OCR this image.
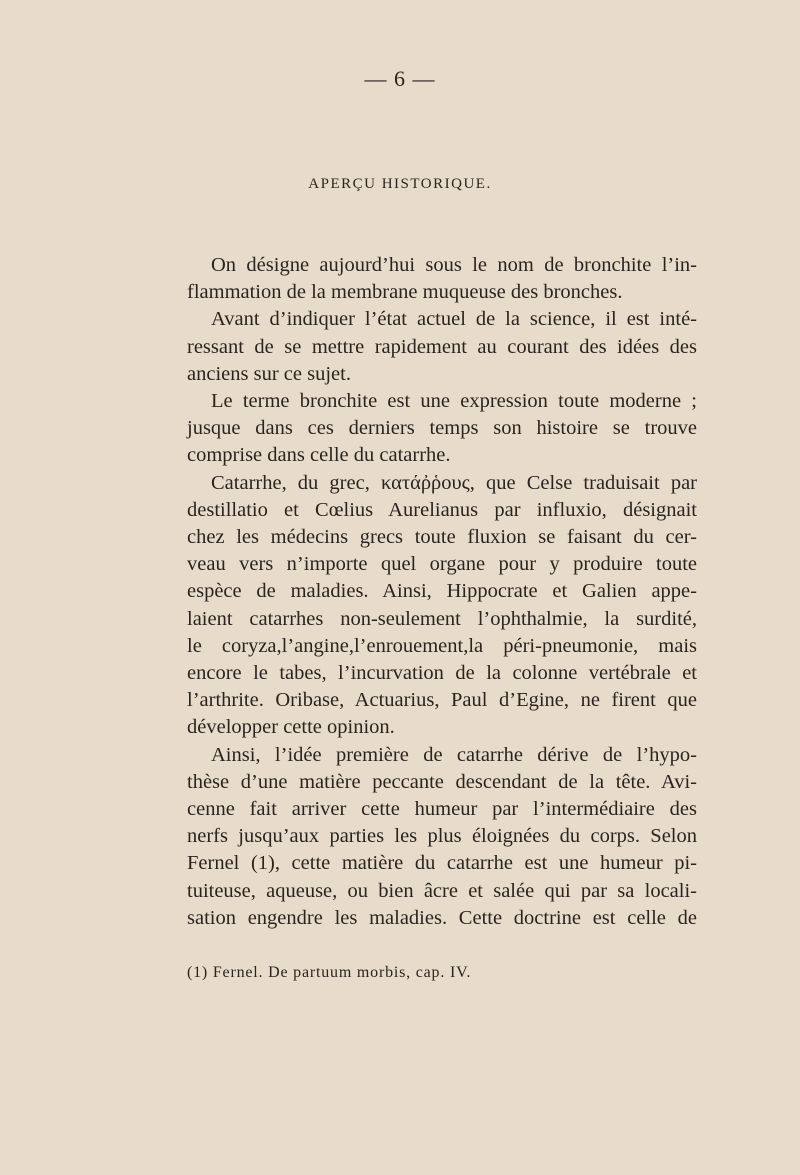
— 6 —
APERÇU HISTORIQUE.
On désigne aujourd’hui sous le nom de bronchite l’in-
flammation de la membrane muqueuse des bronches.
Avant d’indiquer l’état actuel de la science, il est inté-
ressant de se mettre rapidement au courant des idées des
anciens sur ce sujet.
Le terme bronchite est une expression toute moderne ;
jusque dans ces derniers temps son histoire se trouve
comprise dans celle du catarrhe.
Catarrhe, du grec, κατάῤῥους, que Celse traduisait par
destillatio et Cœlius Aurelianus par influxio, désignait
chez les médecins grecs toute fluxion se faisant du cer-
veau vers n’importe quel organe pour y produire toute
espèce de maladies. Ainsi, Hippocrate et Galien appe-
laient catarrhes non-seulement l’ophthalmie, la surdité,
le coryza,l’angine,l’enrouement,la péri-pneumonie, mais
encore le tabes, l’incurvation de la colonne vertébrale et
l’arthrite. Oribase, Actuarius, Paul d’Egine, ne firent que
développer cette opinion.
Ainsi, l’idée première de catarrhe dérive de l’hypo-
thèse d’une matière peccante descendant de la tête. Avi-
cenne fait arriver cette humeur par l’intermédiaire des
nerfs jusqu’aux parties les plus éloignées du corps. Selon
Fernel (1), cette matière du catarrhe est une humeur pi-
tuiteuse, aqueuse, ou bien âcre et salée qui par sa locali-
sation engendre les maladies. Cette doctrine est celle de
(1) Fernel. De partuum morbis, cap. IV.
